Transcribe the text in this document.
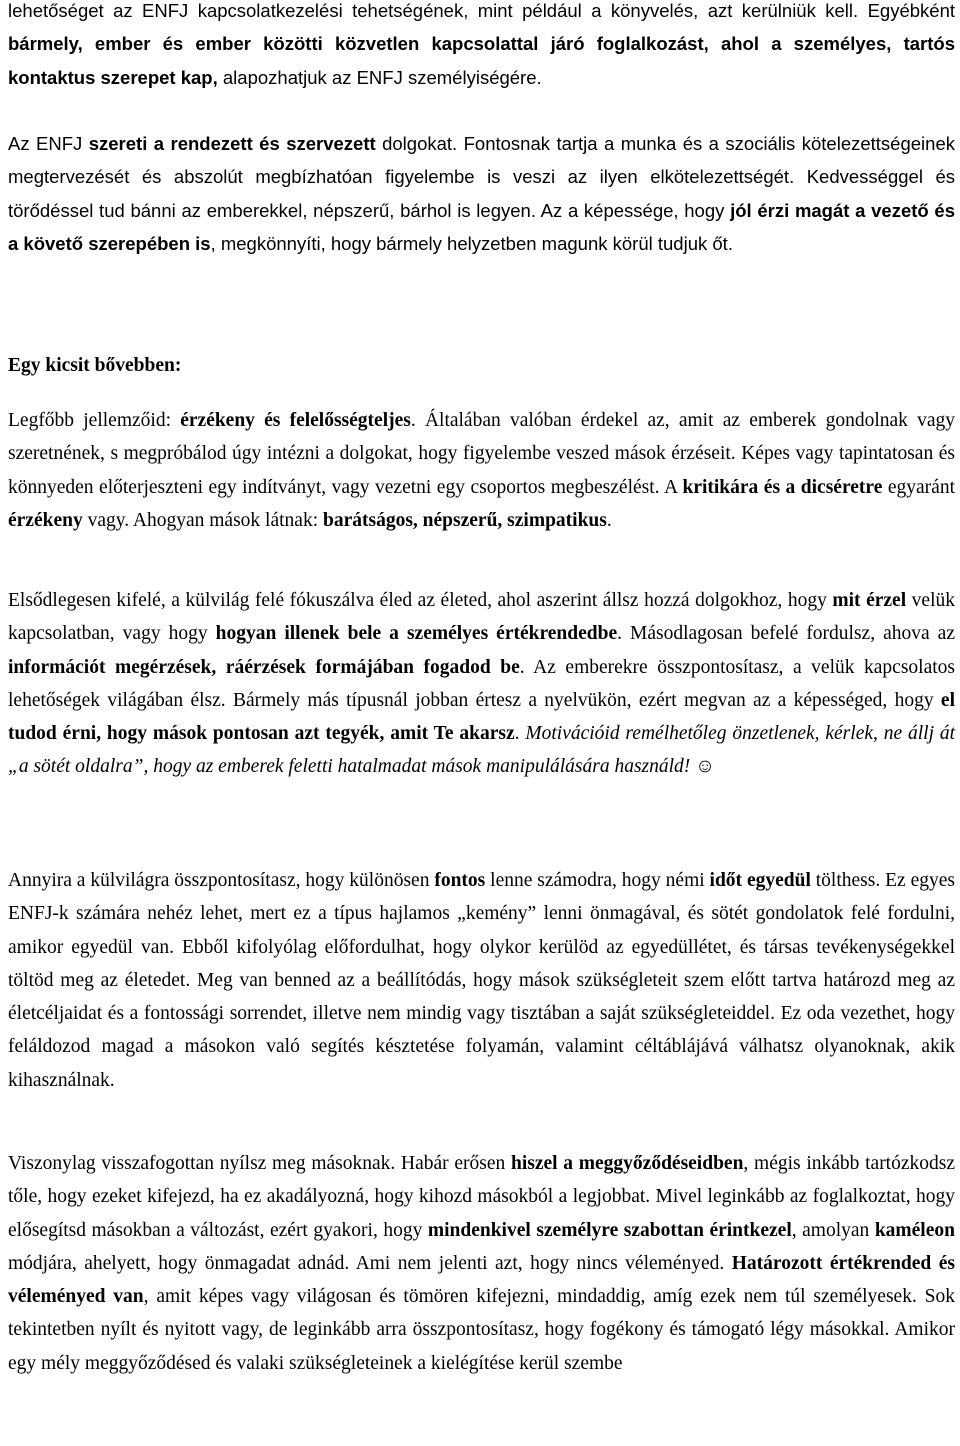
lehetőséget az ENFJ kapcsolatkezelési tehetségének, mint például a könyvelés, azt kerülniük kell. Egyébként bármely, ember és ember közötti közvetlen kapcsolattal járó foglalkozást, ahol a személyes, tartós kontaktus szerepet kap, alapozhatjuk az ENFJ személyiségére.

Az ENFJ szereti a rendezett és szervezett dolgokat. Fontosnak tartja a munka és a szociális kötelezettségeinek megtervezését és abszolút megbízhatóan figyelembe is veszi az ilyen elkötelezettségét. Kedvességgel és törődéssel tud bánni az emberekkel, népszerű, bárhol is legyen. Az a képessége, hogy jól érzi magát a vezető és a követő szerepében is, megkönnyíti, hogy bármely helyzetben magunk körül tudjuk őt.

Egy kicsit bővebben:

Legfőbb jellemzőid: érzékeny és felelősségteljes. Általában valóban érdekel az, amit az emberek gondolnak vagy szeretnének, s megpróbálod úgy intézni a dolgokat, hogy figyelembe veszed mások érzéseit. Képes vagy tapintatosan és könnyeden előterjeszteni egy indítványt, vagy vezetni egy csoportos megbeszélést. A kritikára és a dicséretre egyaránt érzékeny vagy. Ahogyan mások látnak: barátságos, népszerű, szimpatikus.

Elsődlegesen kifelé, a külvilág felé fókuszálva éled az életed, ahol aszerint állsz hozzá dolgokhoz, hogy mit érzel velük kapcsolatban, vagy hogy hogyan illenek bele a személyes értékrendedbe. Másodlagosan befelé fordulsz, ahova az információt megérzések, ráérzések formájában fogadod be. Az emberekre összpontosítasz, a velük kapcsolatos lehetőségek világában élsz. Bármely más típusnál jobban értesz a nyelvükön, ezért megvan az a képességed, hogy el tudod érni, hogy mások pontosan azt tegyék, amit Te akarsz. Motivációid remélhetőleg önzetlenek, kérlek, ne állj át „a sötét oldalra”, hogy az emberek feletti hatalmadat mások manipulálására használd! ☺

Annyira a külvilágra összpontosítasz, hogy különösen fontos lenne számodra, hogy némi időt egyedül tölthess. Ez egyes ENFJ-k számára nehéz lehet, mert ez a típus hajlamos „kemény” lenni önmagával, és sötét gondolatok felé fordulni, amikor egyedül van. Ebből kifolyólag előfordulhat, hogy olykor kerülöd az egyedüllétet, és társas tevékenységekkel töltöd meg az életedet. Meg van benned az a beállítódás, hogy mások szükségleteit szem előtt tartva határozd meg az életcéljaidat és a fontossági sorrendet, illetve nem mindig vagy tisztában a saját szükségleteiddel. Ez oda vezethet, hogy feláldozod magad a másokon való segítés késztetése folyamán, valamint céltáblájává válhatsz olyanoknak, akik kihasználnak.

Viszonylag visszafogottan nyílsz meg másoknak. Habár erősen hiszel a meggyőződéseidben, mégis inkább tartózkodsz tőle, hogy ezeket kifejezd, ha ez akadályozná, hogy kihozd másokból a legjobbat. Mivel leginkább az foglalkoztat, hogy elősegítsd másokban a változást, ezért gyakori, hogy mindenkivel személyre szabottan érintkezel, amolyan kaméleon módjára, ahelyett, hogy önmagadat adnád. Ami nem jelenti azt, hogy nincs véleményed. Határozott értékrended és véleményed van, amit képes vagy világosan és tömören kifejezni, mindaddig, amíg ezek nem túl személyesek. Sok tekintetben nyílt és nyitott vagy, de leginkább arra összpontosítasz, hogy fogékony és támogató légy másokkal. Amikor egy mély meggyőződésed és valaki szükségleteinek a kielégítése kerül szembe
